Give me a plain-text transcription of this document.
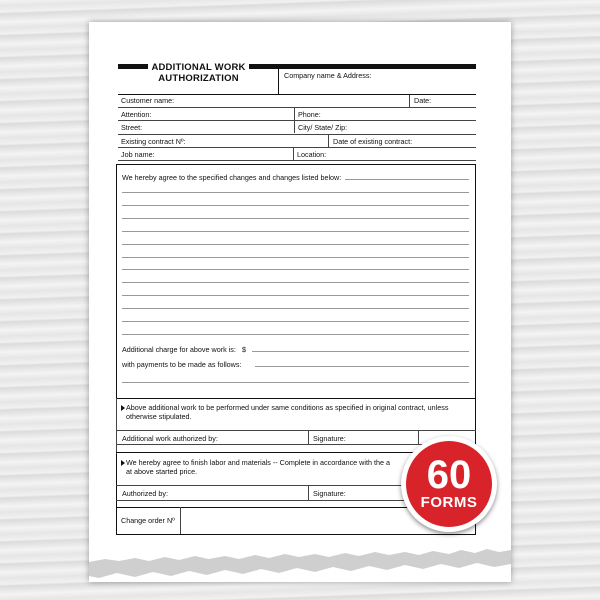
ADDITIONAL WORK
AUTHORIZATION	Company name & Address:
Customer name:	Date:
Attention:	Phone:
Street:	City/ State/ Zip:
Existing contract Nº:	Date of existing contract:
Job name:	Location:
We hereby agree to the specified changes and changes listed below:
Additional charge for above work is: $
with payments to be made as follows:
Above additional work to be performed under same conditions as specified in original contract, unless
otherwise stipulated.
Additional work authorized by:	Signature:
We hereby agree to finish labor and materials -- Complete in accordance with the a
at above started price.
Authorized by:	Signature:
Change order Nº
60
FORMS
